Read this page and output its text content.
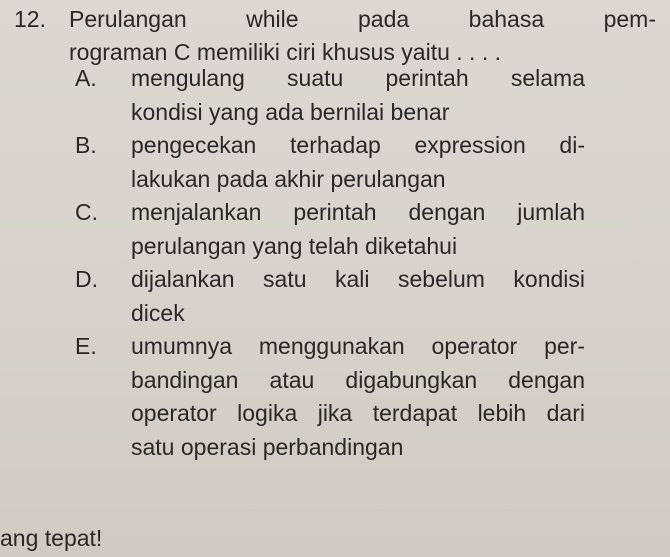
12. Perulangan while pada bahasa pem-
rograman C memiliki ciri khusus yaitu . . . .
A. mengulang suatu perintah selama
kondisi yang ada bernilai benar
B. pengecekan terhadap expression di-
lakukan pada akhir perulangan
C. menjalankan perintah dengan jumlah
perulangan yang telah diketahui
D. dijalankan satu kali sebelum kondisi
dicek
E. umumnya menggunakan operator per-
bandingan atau digabungkan dengan
operator logika jika terdapat lebih dari
satu operasi perbandingan
ang tepat!
